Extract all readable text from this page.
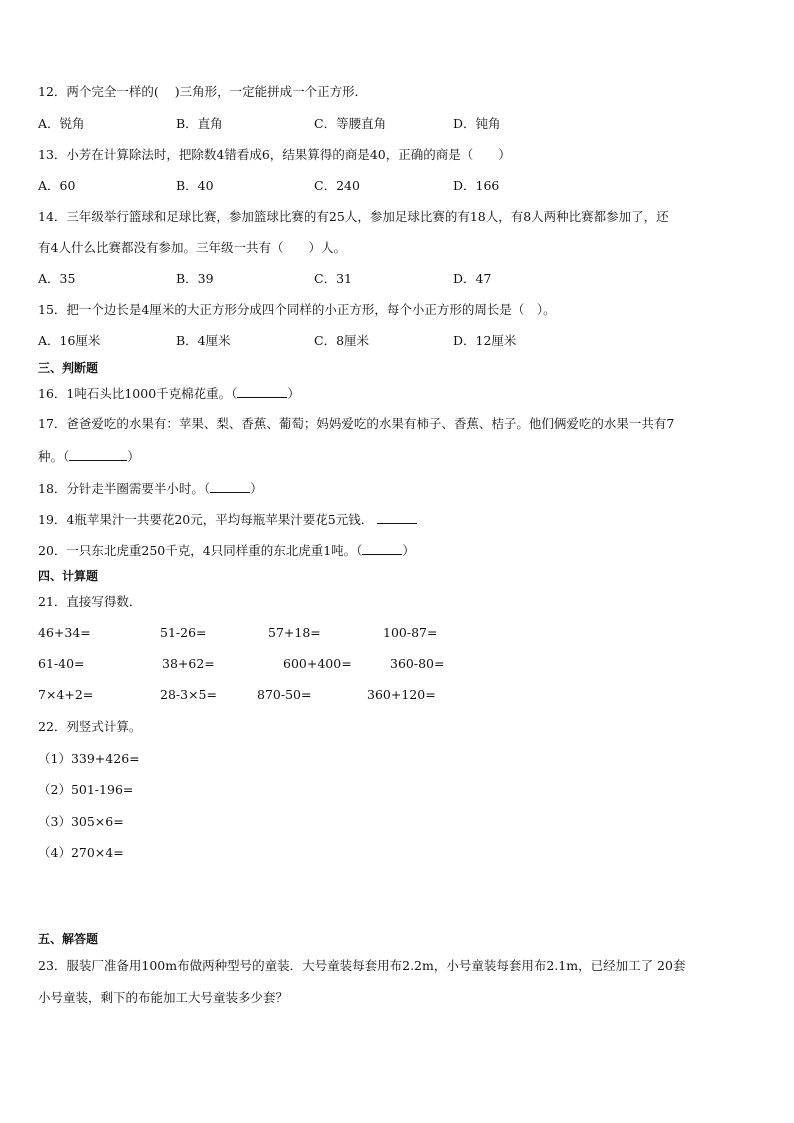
12．两个完全一样的( )三角形，一定能拼成一个正方形．
A．锐角	B．直角	C．等腰直角	D．钝角
13．小芳在计算除法时，把除数4错看成6，结果算得的商是40，正确的商是（　　）
A．60	B．40	C．240	D．166
14．三年级举行篮球和足球比赛，参加篮球比赛的有25人，参加足球比赛的有18人，有8人两种比赛都参加了，还
有4人什么比赛都没有参加。三年级一共有（　　）人。
A．35	B．39	C．31	D．47
15．把一个边长是4厘米的大正方形分成四个同样的小正方形，每个小正方形的周长是（　）。
A．16厘米	B．4厘米	C．8厘米	D．12厘米
三、判断题
16．1吨石头比1000千克棉花重。（	）
17．爸爸爱吃的水果有：苹果、梨、香蕉、葡萄；妈妈爱吃的水果有柿子、香蕉、桔子。他们俩爱吃的水果一共有7
种。（	）
18．分针走半圈需要半小时。（	）
19．4瓶苹果汁一共要花20元，平均每瓶苹果汁要花5元钱．
20．一只东北虎重250千克，4只同样重的东北虎重1吨。（	）
四、计算题
21．直接写得数．
46+34=	51-26=	57+18=	100-87=
61-40=	38+62=	600+400=	360-80=
7×4+2=	28-3×5=	870-50=	360+120=
22．列竖式计算。
（1）339+426=
（2）501-196=
（3）305×6=
（4）270×4=
五、解答题
23．服装厂准备用100m布做两种型号的童装．大号童装每套用布2.2m，小号童装每套用布2.1m，已经加工了 20套
小号童装，剩下的布能加工大号童装多少套？
